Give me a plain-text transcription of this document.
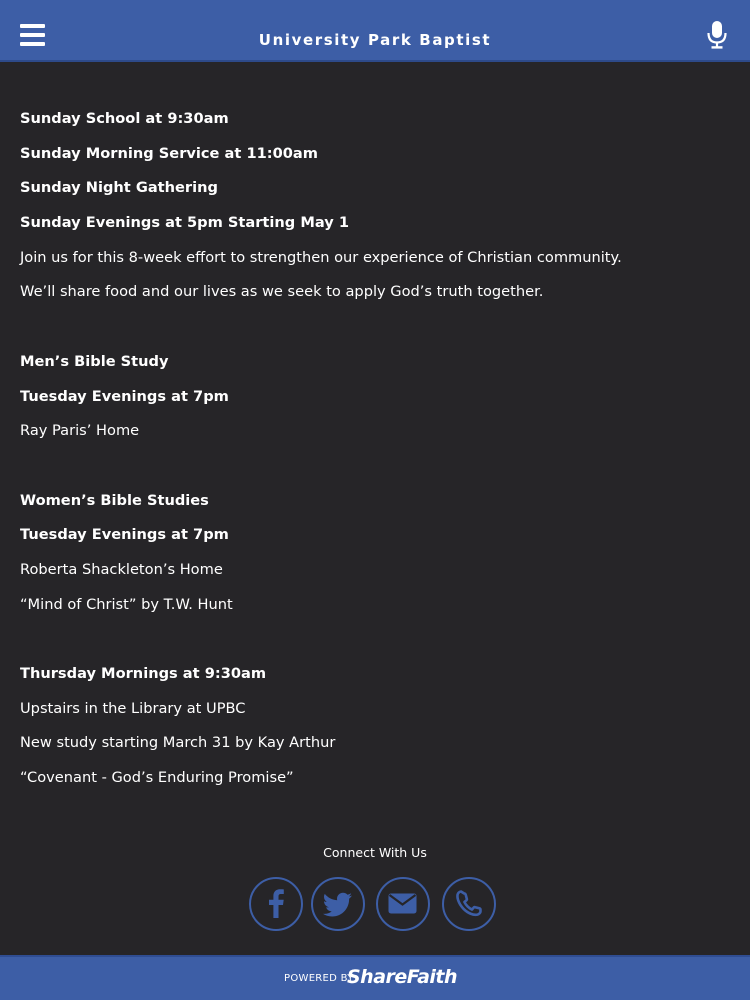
University Park Baptist
Sunday School at 9:30am
Sunday Morning Service at 11:00am
Sunday Night Gathering
Sunday Evenings at 5pm Starting May 1
Join us for this 8-week effort to strengthen our experience of Christian community.
We’ll share food and our lives as we seek to apply God’s truth together.
Men’s Bible Study
Tuesday Evenings at 7pm
Ray Paris’ Home
Women’s Bible Studies
Tuesday Evenings at 7pm
Roberta Shackleton’s Home
“Mind of Christ” by T.W. Hunt
Thursday Mornings at 9:30am
Upstairs in the Library at UPBC
New study starting March 31 by Kay Arthur
“Covenant - God’s Enduring Promise”
Connect With Us
POWERED BY
ShareFaith
